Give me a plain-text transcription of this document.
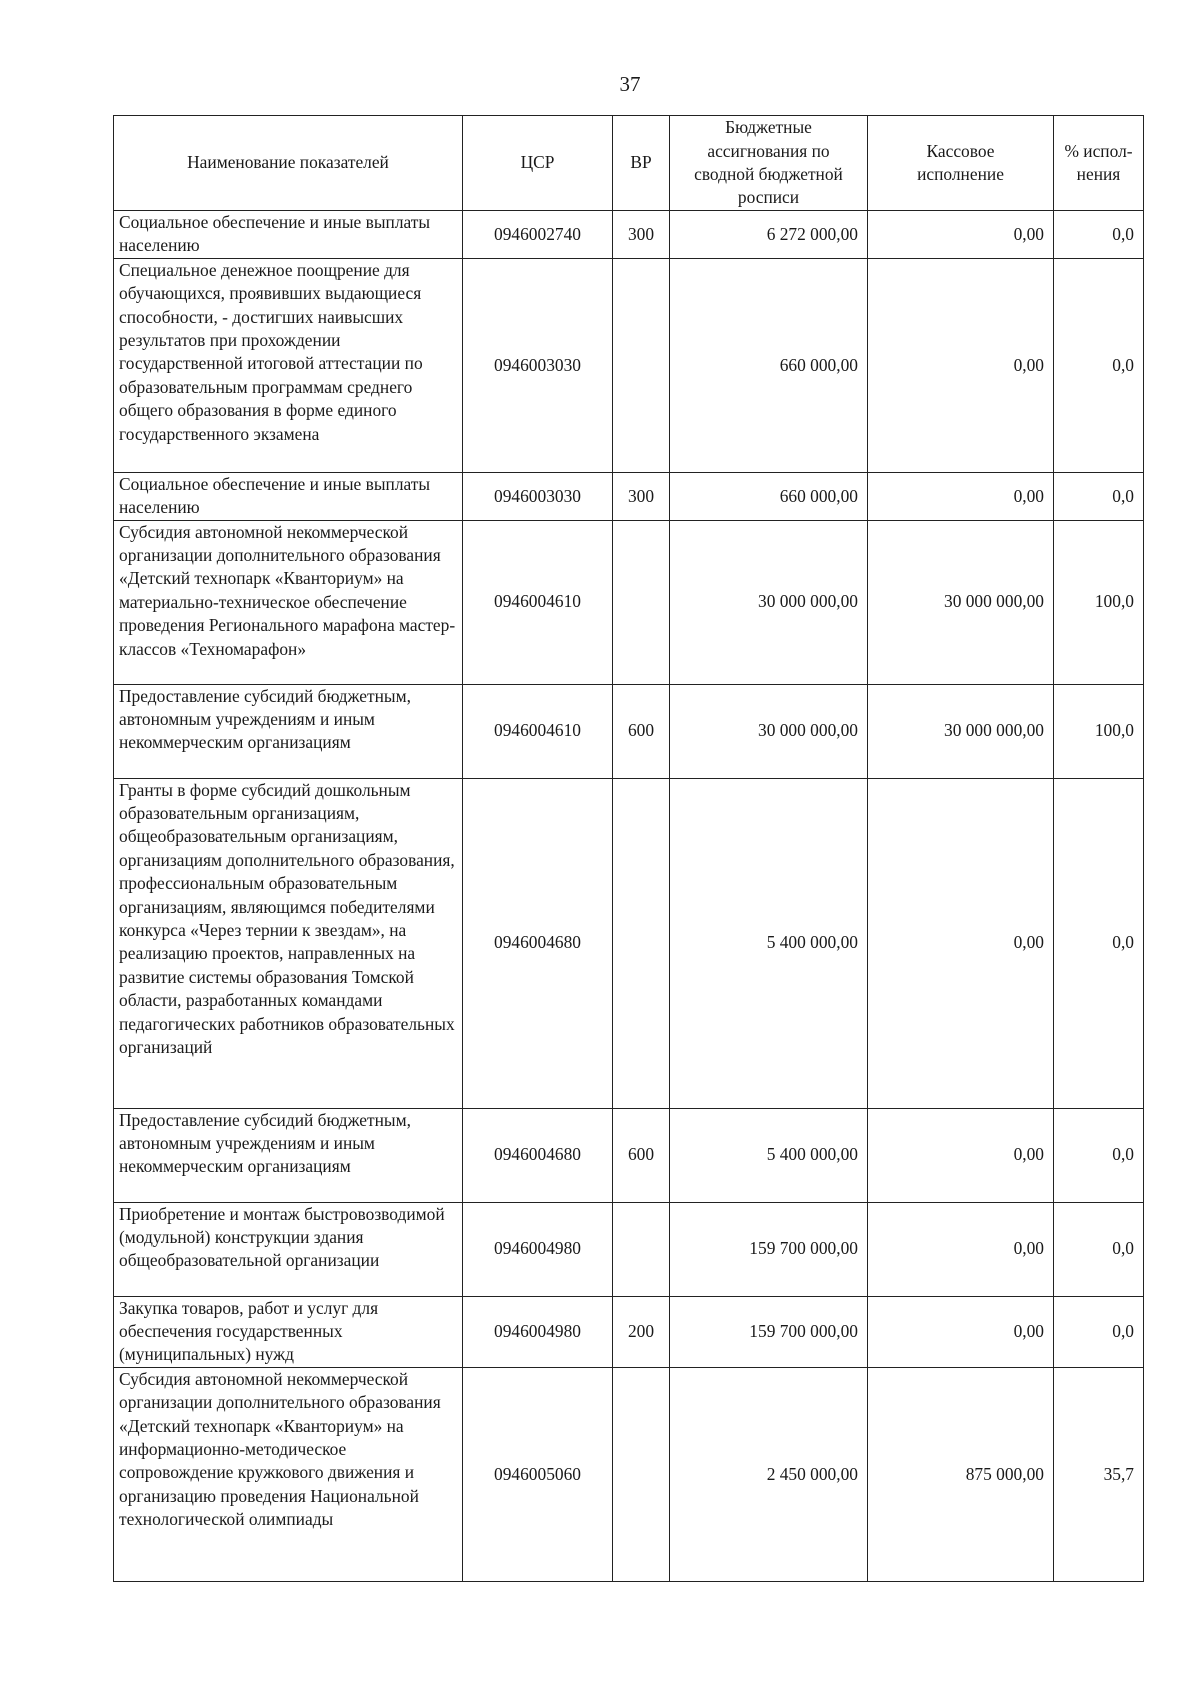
37
Наименование показателей	ЦСР	ВР	Бюджетные ассигнования по сводной бюджетной росписи	Кассовое исполнение	% испол-нения
Социальное обеспечение и иные выплаты населению	0946002740	300	6 272 000,00	0,00	0,0
Специальное денежное поощрение для обучающихся, проявивших выдающиеся способности, - достигших наивысших результатов при прохождении государственной итоговой аттестации по образовательным программам среднего общего образования в форме единого государственного экзамена	0946003030		660 000,00	0,00	0,0
Социальное обеспечение и иные выплаты населению	0946003030	300	660 000,00	0,00	0,0
Субсидия автономной некоммерческой организации дополнительного образования «Детский технопарк «Кванториум» на материально-техническое обеспечение проведения Регионального марафона мастер-классов «Техномарафон»	0946004610		30 000 000,00	30 000 000,00	100,0
Предоставление субсидий бюджетным, автономным учреждениям и иным некоммерческим организациям	0946004610	600	30 000 000,00	30 000 000,00	100,0
Гранты в форме субсидий дошкольным образовательным организациям, общеобразовательным организациям, организациям дополнительного образования, профессиональным образовательным организациям, являющимся победителями конкурса «Через тернии к звездам», на реализацию проектов, направленных на развитие системы образования Томской области, разработанных командами педагогических работников образовательных организаций	0946004680		5 400 000,00	0,00	0,0
Предоставление субсидий бюджетным, автономным учреждениям и иным некоммерческим организациям	0946004680	600	5 400 000,00	0,00	0,0
Приобретение и монтаж быстровозводимой (модульной) конструкции здания общеобразовательной организации	0946004980		159 700 000,00	0,00	0,0
Закупка товаров, работ и услуг для обеспечения государственных (муниципальных) нужд	0946004980	200	159 700 000,00	0,00	0,0
Субсидия автономной некоммерческой организации дополнительного образования «Детский технопарк «Кванториум» на информационно-методическое сопровождение кружкового движения и организацию проведения Национальной технологической олимпиады	0946005060		2 450 000,00	875 000,00	35,7
